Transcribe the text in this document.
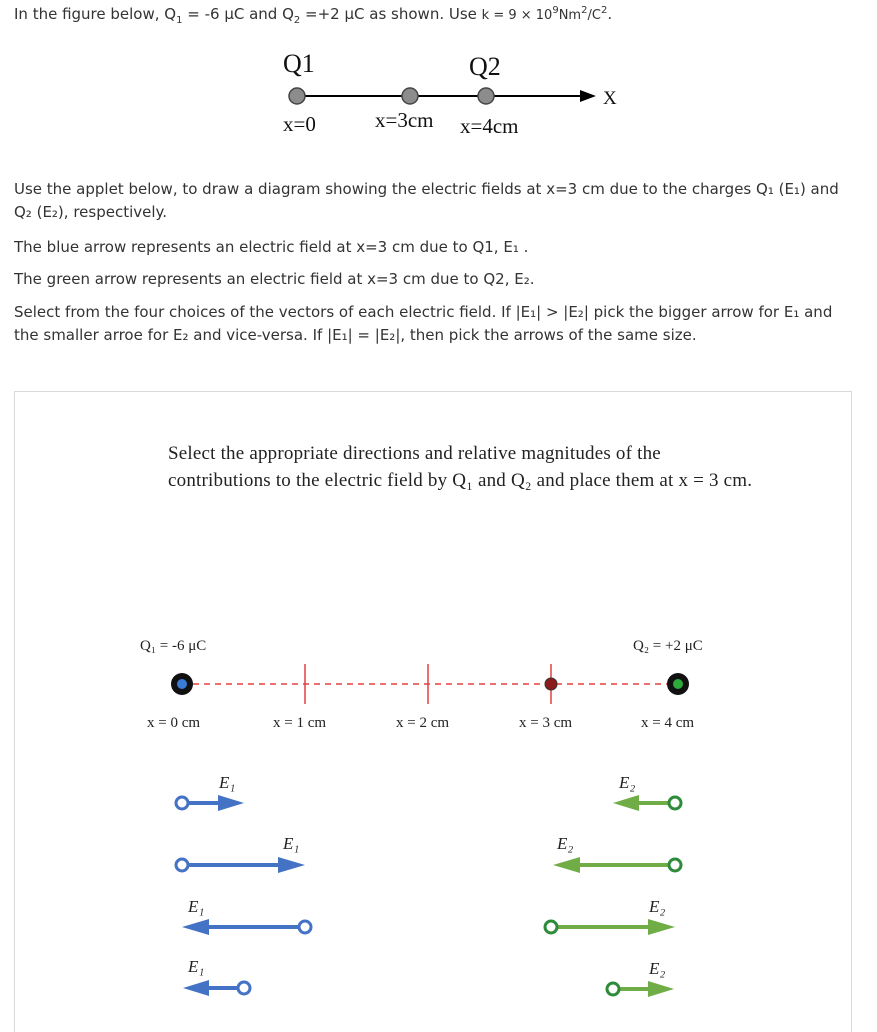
In the figure below, $Q_1 = -6$ μC and $Q_2 =+2$ μC as shown. Use $k = 9 \times 10^9Nm^2/C^2$.
Q1	Q2
X
x=0	x=3cm x=4cm
Use the applet below, to draw a diagram showing the electric fields at x=3 cm due to the charges Q₁ (E₁) and
Q₂ (E₂), respectively.
The blue arrow represents an electric field at x=3 cm due to Q1, E₁ .
The green arrow represents an electric field at x=3 cm due to Q2, E₂.
Select from the four choices of the vectors of each electric field. If |E₁| > |E₂| pick the bigger arrow for E₁ and
the smaller arroe for E₂ and vice-versa. If |E₁| = |E₂|, then pick the arrows of the same size.
Select the appropriate directions and relative magnitudes of the contributions to the electric field by Q₁ and Q₂ and place them at x = 3 cm.
Q₁ = -6 μC	Q₂ = +2 μC
x = 0 cm	x = 1 cm	x = 2 cm	x = 3 cm	x = 4 cm
E₁
E₁
E₁
E₁
E₂
E₂
E₂
E₂
